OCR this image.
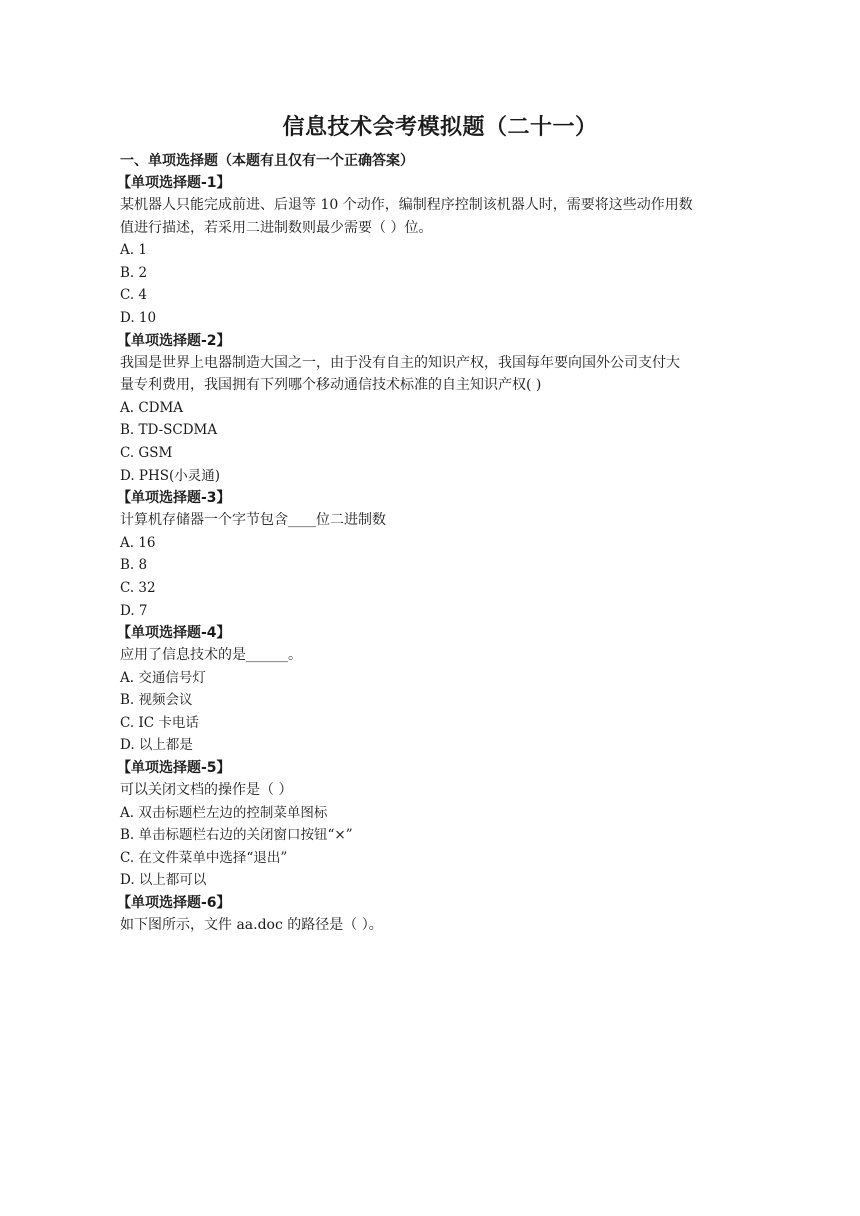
信息技术会考模拟题（二十一）
一、单项选择题（本题有且仅有一个正确答案）
【单项选择题-1】
某机器人只能完成前进、后退等 10 个动作，编制程序控制该机器人时，需要将这些动作用数
值进行描述，若采用二进制数则最少需要（ ）位。
A. 1
B. 2
C. 4
D. 10
【单项选择题-2】
我国是世界上电器制造大国之一，由于没有自主的知识产权，我国每年要向国外公司支付大
量专利费用，我国拥有下列哪个移动通信技术标准的自主知识产权( )
A. CDMA
B. TD-SCDMA
C. GSM
D. PHS(小灵通)
【单项选择题-3】
计算机存储器一个字节包含____位二进制数
A. 16
B. 8
C. 32
D. 7
【单项选择题-4】
应用了信息技术的是______。
A. 交通信号灯
B. 视频会议
C. IC 卡电话
D. 以上都是
【单项选择题-5】
可以关闭文档的操作是（ ）
A. 双击标题栏左边的控制菜单图标
B. 单击标题栏右边的关闭窗口按钮“×”
C. 在文件菜单中选择“退出”
D. 以上都可以
【单项选择题-6】
如下图所示，文件 aa.doc 的路径是（ ）。
